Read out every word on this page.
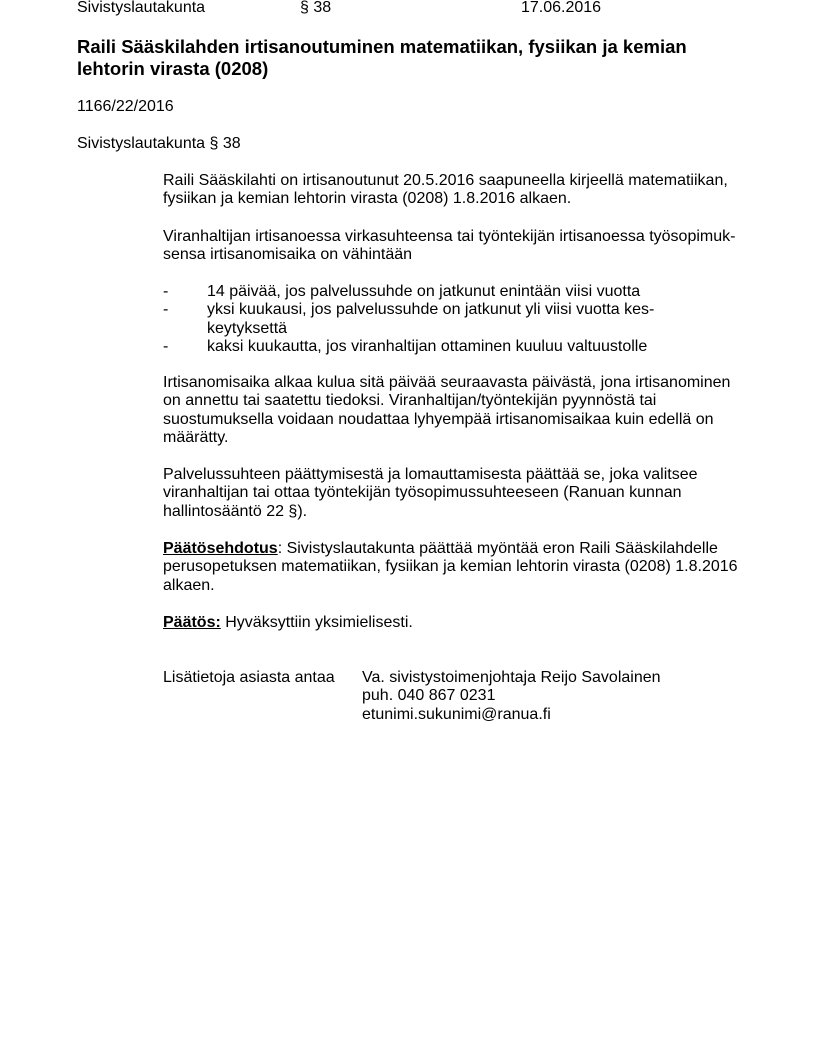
Sivistyslautakunta	§ 38	17.06.2016
Raili Sääskilahden irtisanoutuminen matematiikan, fysiikan ja kemian
lehtorin virasta (0208)
1166/22/2016
Sivistyslautakunta § 38
Raili Sääskilahti on irtisanoutunut 20.5.2016 saapuneella kirjeellä matematiikan,
fysiikan ja kemian lehtorin virasta (0208) 1.8.2016 alkaen.
Viranhaltijan irtisanoessa virkasuhteensa tai työntekijän irtisanoessa työsopimuk-
sensa irtisanomisaika on vähintään
- 14 päivää, jos palvelussuhde on jatkunut enintään viisi vuotta
- yksi kuukausi, jos palvelussuhde on jatkunut yli viisi vuotta kes-
keytyksettä
- kaksi kuukautta, jos viranhaltijan ottaminen kuuluu valtuustolle
Irtisanomisaika alkaa kulua sitä päivää seuraavasta päivästä, jona irtisanominen
on annettu tai saatettu tiedoksi. Viranhaltijan/työntekijän pyynnöstä tai
suostumuksella voidaan noudattaa lyhyempää irtisanomisaikaa kuin edellä on
määrätty.
Palvelussuhteen päättymisestä ja lomauttamisesta päättää se, joka valitsee
viranhaltijan tai ottaa työntekijän työsopimussuhteeseen (Ranuan kunnan
hallintosääntö 22 §).
Päätösehdotus: Sivistyslautakunta päättää myöntää eron Raili Sääskilahdelle
perusopetuksen matematiikan, fysiikan ja kemian lehtorin virasta (0208) 1.8.2016
alkaen.
Päätös: Hyväksyttiin yksimielisesti.
Lisätietoja asiasta antaa Va. sivistystoimenjohtaja Reijo Savolainen
puh. 040 867 0231
etunimi.sukunimi@ranua.fi
